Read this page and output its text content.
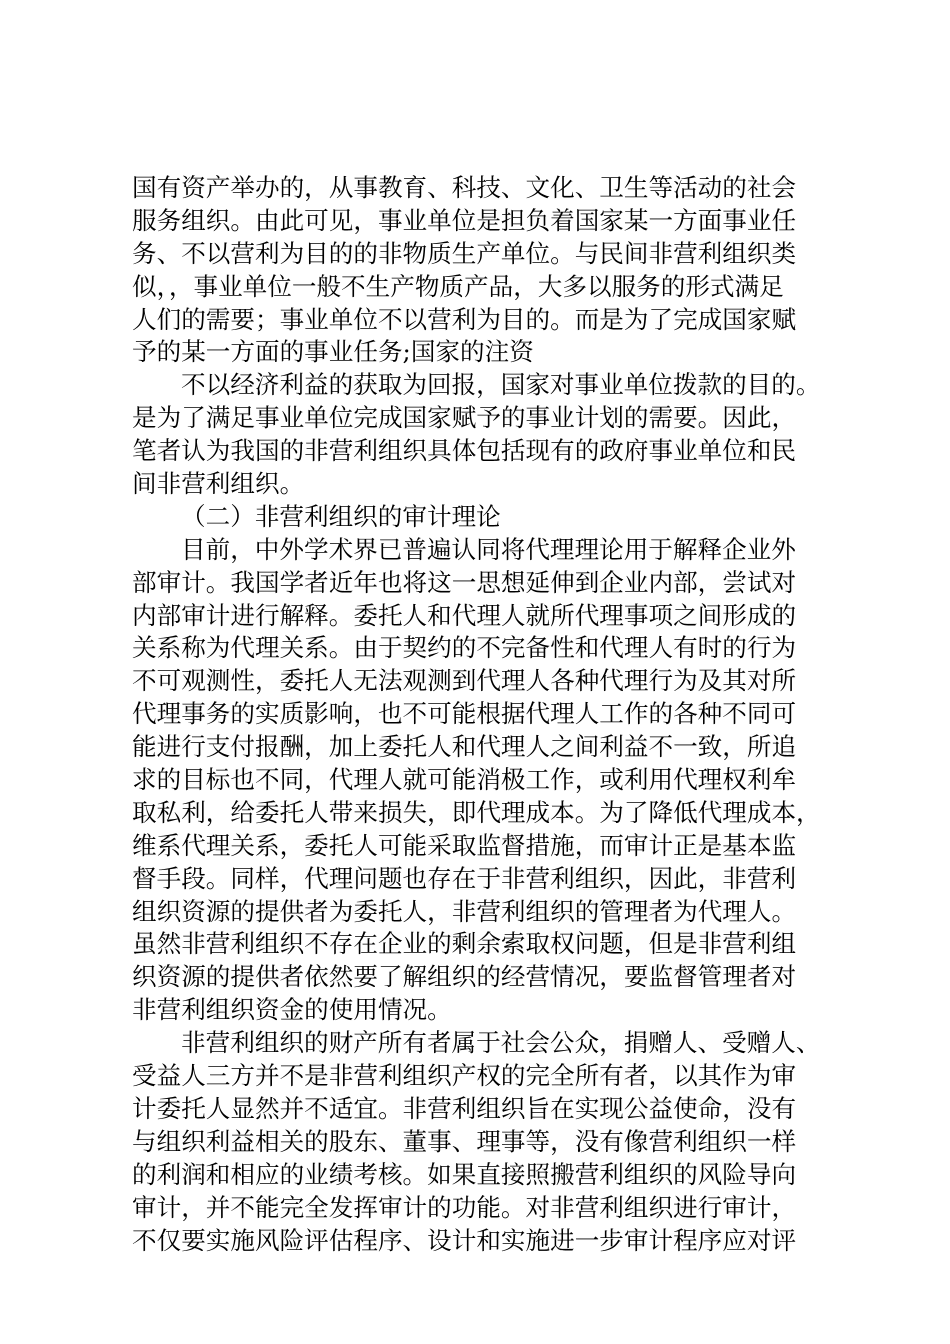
国有资产举办的，从事教育、科技、文化、卫生等活动的社会
服务组织。由此可见，事业单位是担负着国家某一方面事业任
务、不以营利为目的的非物质生产单位。与民间非营利组织类
似，，事业单位一般不生产物质产品，大多以服务的形式满足
人们的需要；事业单位不以营利为目的。而是为了完成国家赋
予的某一方面的事业任务;国家的注资
不以经济利益的获取为回报，国家对事业单位拨款的目的。
是为了满足事业单位完成国家赋予的事业计划的需要。因此，
笔者认为我国的非营利组织具体包括现有的政府事业单位和民
间非营利组织。
（二）非营利组织的审计理论
目前，中外学术界已普遍认同将代理理论用于解释企业外
部审计。我国学者近年也将这一思想延伸到企业内部，尝试对
内部审计进行解释。委托人和代理人就所代理事项之间形成的
关系称为代理关系。由于契约的不完备性和代理人有时的行为
不可观测性，委托人无法观测到代理人各种代理行为及其对所
代理事务的实质影响，也不可能根据代理人工作的各种不同可
能进行支付报酬，加上委托人和代理人之间利益不一致，所追
求的目标也不同，代理人就可能消极工作，或利用代理权利牟
取私利，给委托人带来损失，即代理成本。为了降低代理成本，
维系代理关系，委托人可能采取监督措施，而审计正是基本监
督手段。同样，代理问题也存在于非营利组织，因此，非营利
组织资源的提供者为委托人，非营利组织的管理者为代理人。
虽然非营利组织不存在企业的剩余索取权问题，但是非营利组
织资源的提供者依然要了解组织的经营情况，要监督管理者对
非营利组织资金的使用情况。
非营利组织的财产所有者属于社会公众，捐赠人、受赠人、
受益人三方并不是非营利组织产权的完全所有者，以其作为审
计委托人显然并不适宜。非营利组织旨在实现公益使命，没有
与组织利益相关的股东、董事、理事等，没有像营利组织一样
的利润和相应的业绩考核。如果直接照搬营利组织的风险导向
审计，并不能完全发挥审计的功能。对非营利组织进行审计，
不仅要实施风险评估程序、设计和实施进一步审计程序应对评
